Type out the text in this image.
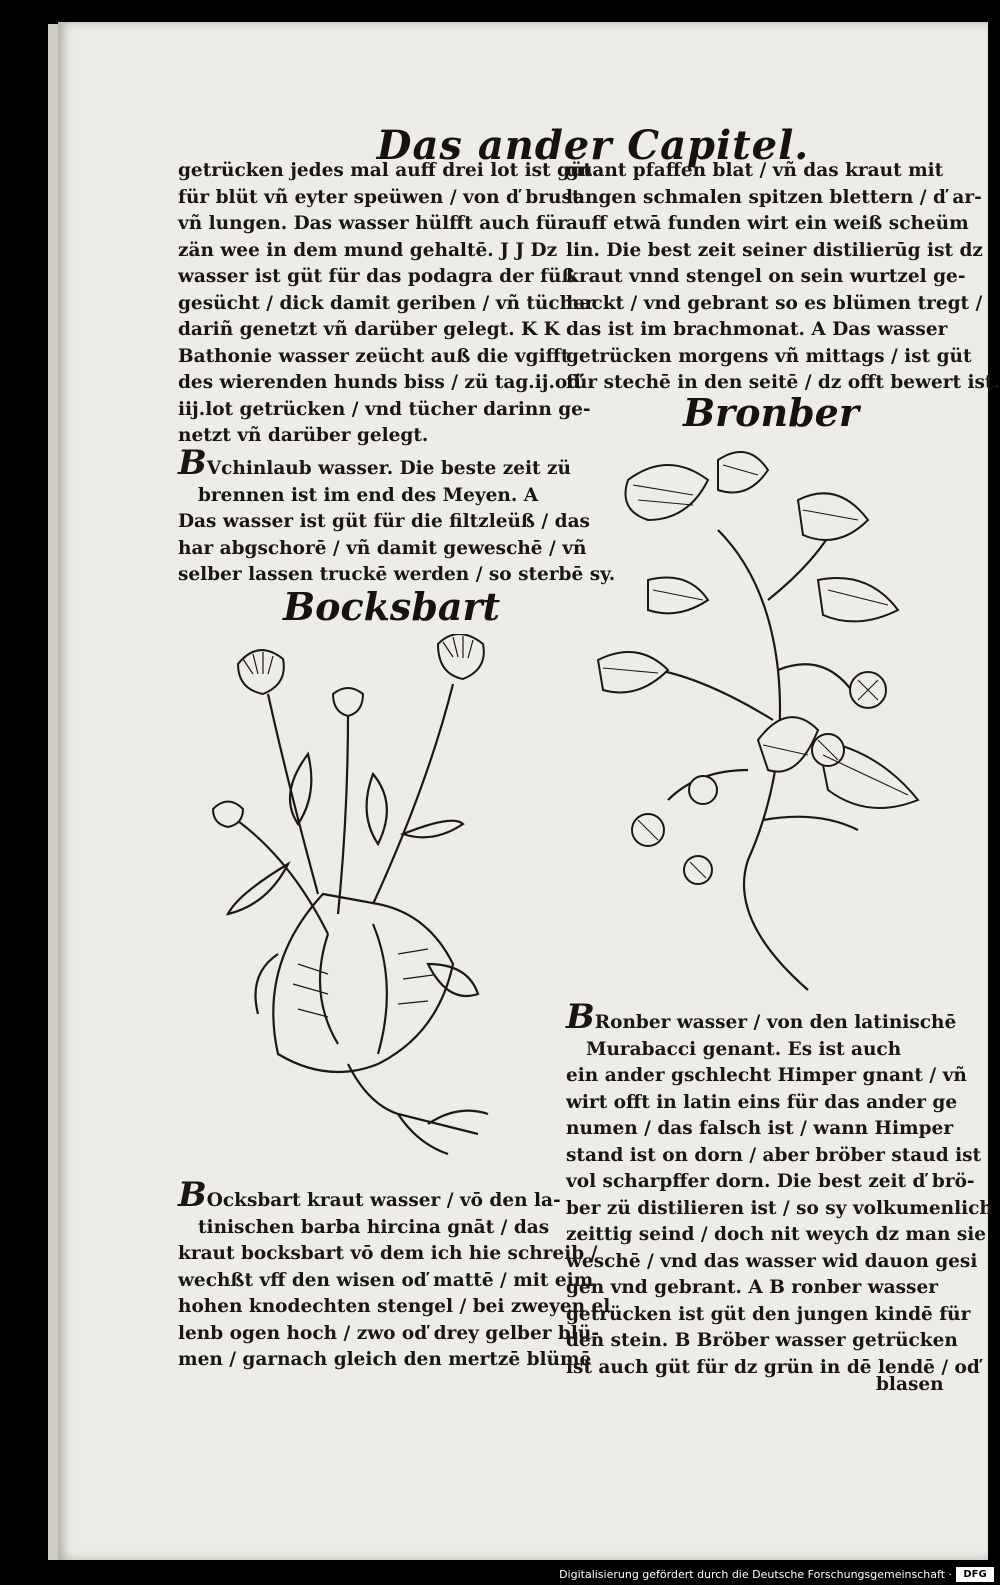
Das ander Capitel.

getrücken jedes mal auff drei lot ist güt

für blüt vñ eyter speüwen / von ď brust

vñ lungen. Das wasser hülfft auch für

zän wee in dem mund gehaltē. J J Dz

wasser ist güt für das podagra der füß

gesücht / dick damit geriben / vñ tücher

dariñ genetzt vñ darüber gelegt. K K

Bathonie wasser zeücht auß die vgifft

des wierenden hunds biss / zü tag.ij.oď

iij.lot getrücken / vnd tücher darinn ge-

netzt vñ darüber gelegt.

BVchinlaub wasser. Die beste zeit zü

brennen ist im end des Meyen. A

Das wasser ist güt für die filtzleüß / das

har abgschorē / vñ damit geweschē / vñ

selber lassen truckē werden / so sterbē sy.

Bocksbart

BOcksbart kraut wasser / vō den la-

tinischen barba hircina gnāt / das

kraut bocksbart vō dem ich hie schreib /

wechßt vff den wisen oď mattē / mit eim

hohen knodechten stengel / bei zweyen el

lenb ogen hoch / zwo oď drey gelber blü-

men / garnach gleich den mertzē blümē

gnant pfaffen blat / vñ das kraut mit

langen schmalen spitzen blettern / ď ar-

auff etwā funden wirt ein weiß scheüm

lin. Die best zeit seiner distilierūg ist dz

kraut vnnd stengel on sein wurtzel ge-

hackt / vnd gebrant so es blümen tregt /

das ist im brachmonat. A Das wasser

getrücken morgens vñ mittags / ist güt

für stechē in den seitē / dz offt bewert ist.

Bronber

BRonber wasser / von den latinischē

Murabacci genant. Es ist auch

ein ander gschlecht Himper gnant / vñ

wirt offt in latin eins für das ander ge

numen / das falsch ist / wann Himper

stand ist on dorn / aber bröber staud ist

vol scharpffer dorn. Die best zeit ď brö-

ber zü distilieren ist / so sy volkumenlich

zeittig seind / doch nit weych dz man sie

weschē / vnd das wasser wid dauon gesi

gen vnd gebrant. A B ronber wasser

getrücken ist güt den jungen kindē für

den stein. B Bröber wasser getrücken

ist auch güt für dz grün in dē lendē / oď

blasen
Digitalisierung gefördert durch die Deutsche Forschungsgemeinschaft ·	DFG
